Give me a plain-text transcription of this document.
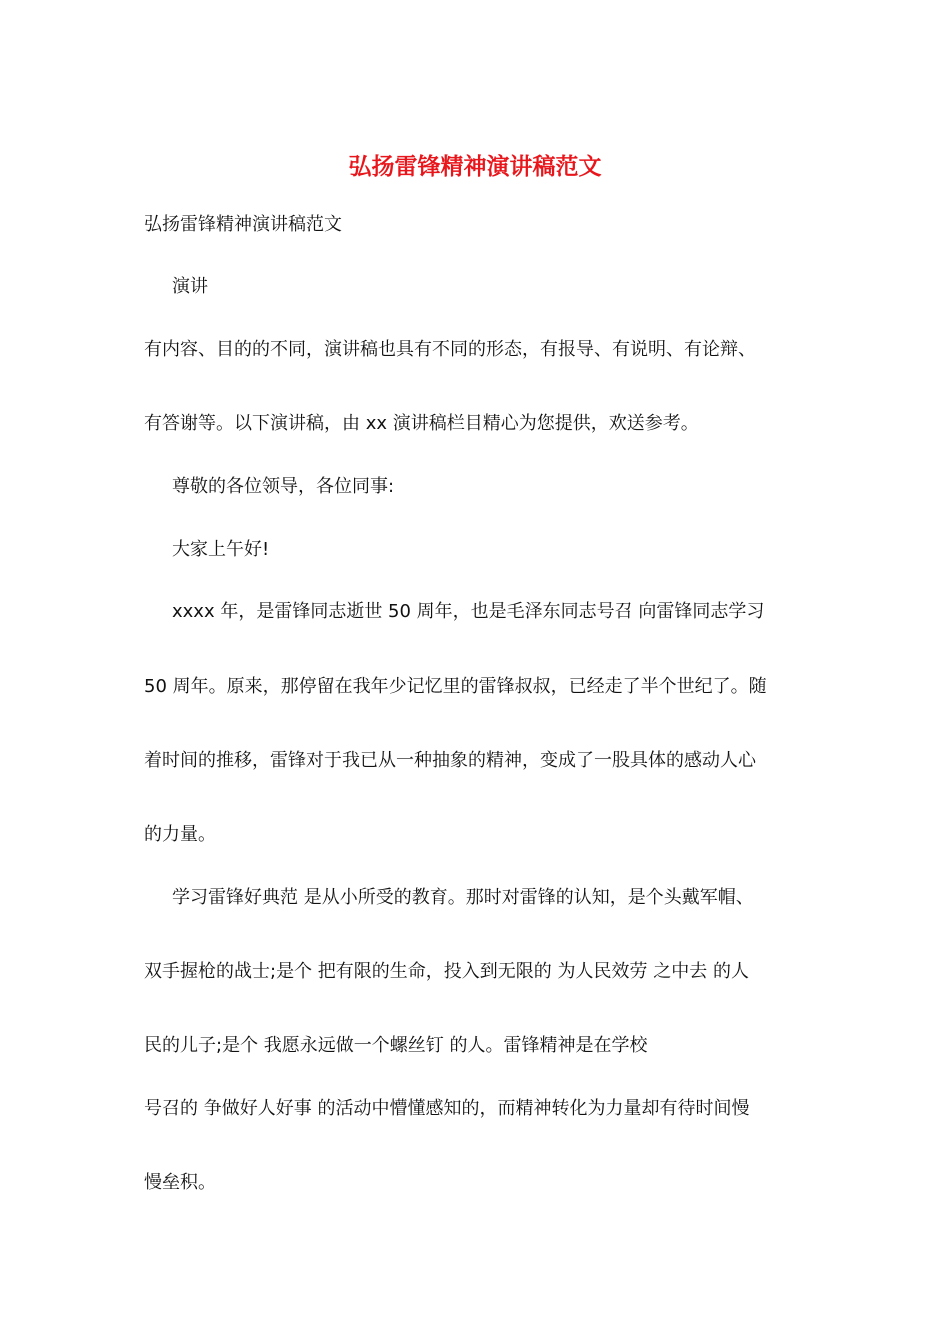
弘扬雷锋精神演讲稿范文
弘扬雷锋精神演讲稿范文
演讲
有内容、目的的不同，演讲稿也具有不同的形态，有报导、有说明、有论辩、
有答谢等。以下演讲稿，由 xx 演讲稿栏目精心为您提供，欢送参考。
尊敬的各位领导，各位同事:
大家上午好!
xxxx 年，是雷锋同志逝世 50 周年，也是毛泽东同志号召 向雷锋同志学习
50 周年。原来，那停留在我年少记忆里的雷锋叔叔，已经走了半个世纪了。随
着时间的推移，雷锋对于我已从一种抽象的精神，变成了一股具体的感动人心
的力量。
学习雷锋好典范 是从小所受的教育。那时对雷锋的认知，是个头戴军帽、
双手握枪的战士;是个 把有限的生命，投入到无限的 为人民效劳 之中去 的人
民的儿子;是个 我愿永远做一个螺丝钉 的人。雷锋精神是在学校
号召的 争做好人好事 的活动中懵懂感知的，而精神转化为力量却有待时间慢
慢垒积。
